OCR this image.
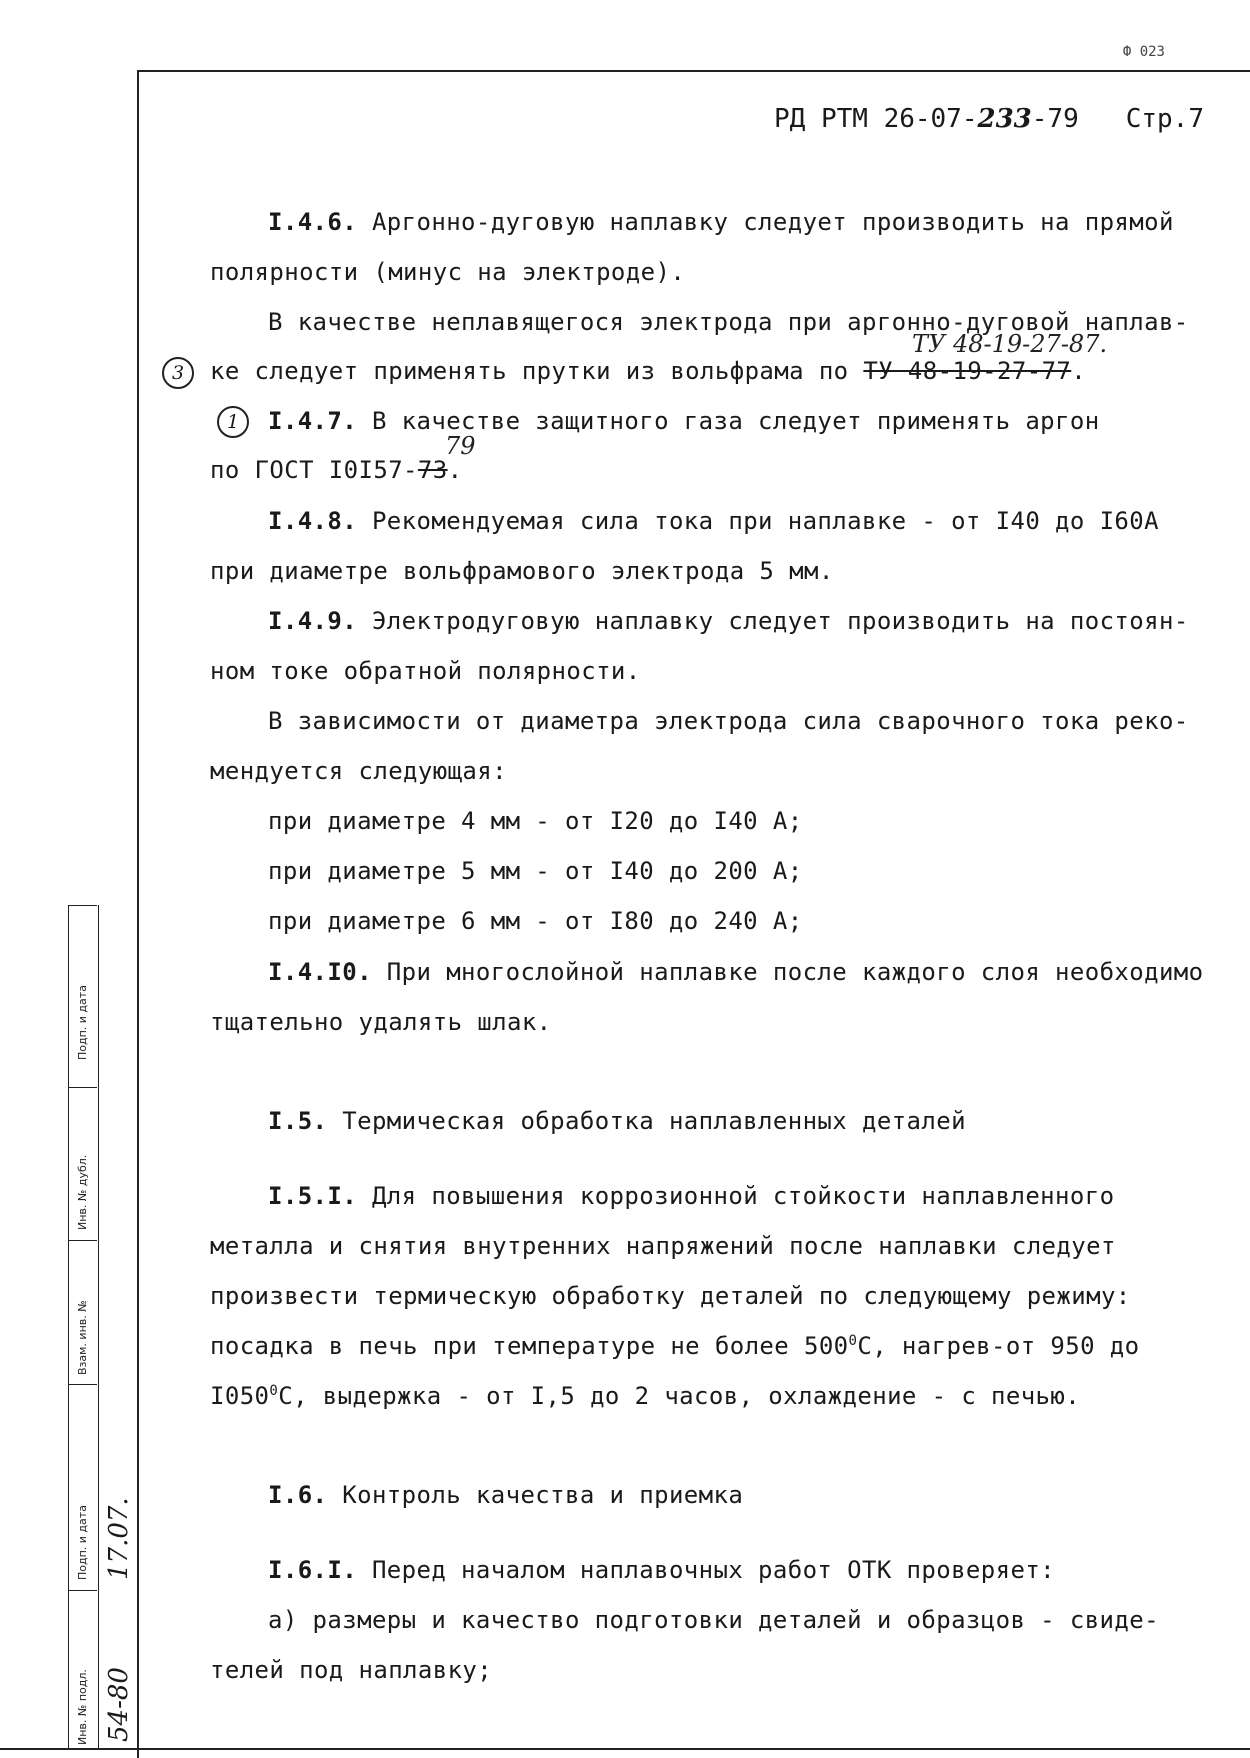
Ф 023
РД РТМ 26-07-233-79 Стр.7
I.4.6. Аргонно-дуговую наплавку следует производить на прямой
полярности (минус на электроде).
В качестве неплавящегося электрода при аргонно-дуговой наплав-
ТУ 48-19-27-87.
3	ке следует применять прутки из вольфрама по ТУ 48-19-27-77.
1	I.4.7. В качестве защитного газа следует применять аргон
79
по ГОСТ I0I57-73.
I.4.8. Рекомендуемая сила тока при наплавке - от I40 до I60A
при диаметре вольфрамового электрода 5 мм.
I.4.9. Электродуговую наплавку следует производить на постоян-
ном токе обратной полярности.
В зависимости от диаметра электрода сила сварочного тока реко-
мендуется следующая:
при диаметре 4 мм - от I20 до I40 А;
при диаметре 5 мм - от I40 до 200 А;
при диаметре 6 мм - от I80 до 240 А;
I.4.I0. При многослойной наплавке после каждого слоя необходимо
тщательно удалять шлак.
I.5. Термическая обработка наплавленных деталей
I.5.I. Для повышения коррозионной стойкости наплавленного
металла и снятия внутренних напряжений после наплавки следует
произвести термическую обработку деталей по следующему режиму:
посадка в печь при температуре не более $500^0С$, нагрев-от 950 до
$I050^0С$, выдержка - от I,5 до 2 часов, охлаждение - с печью.
I.6. Контроль качества и приемка
I.6.I. Перед началом наплавочных работ ОТК проверяет:
а) размеры и качество подготовки деталей и образцов - свиде-
телей под наплавку;
Подп. и дата
Инв. № дубл.
Взам. инв. №
Подп. и дата
Инв. № подл.
17.07.
54-80
